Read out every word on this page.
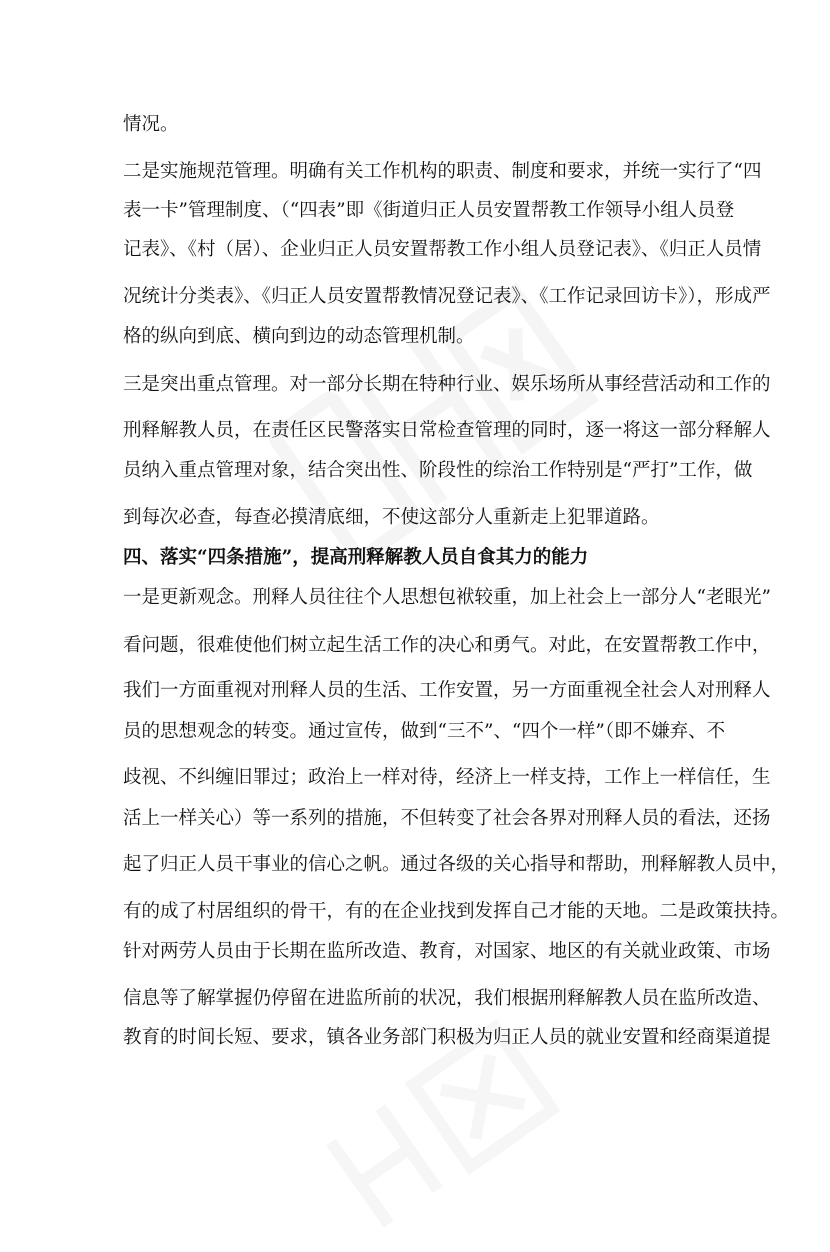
情况。
二是实施规范管理。明确有关工作机构的职责、制度和要求，并统一实行了“四
表一卡”管理制度、（“四表”即《街道归正人员安置帮教工作领导小组人员登
记表》、《村（居）、企业归正人员安置帮教工作小组人员登记表》、《归正人员情
况统计分类表》、《归正人员安置帮教情况登记表》、《工作记录回访卡》），形成严
格的纵向到底、横向到边的动态管理机制。
三是突出重点管理。对一部分长期在特种行业、娱乐场所从事经营活动和工作的
刑释解教人员，在责任区民警落实日常检查管理的同时，逐一将这一部分释解人
员纳入重点管理对象，结合突出性、阶段性的综治工作特别是“严打”工作，做
到每次必查，每查必摸清底细，不使这部分人重新走上犯罪道路。
四、落实“四条措施”，提高刑释解教人员自食其力的能力
一是更新观念。刑释人员往往个人思想包袱较重，加上社会上一部分人“老眼光”
看问题，很难使他们树立起生活工作的决心和勇气。对此，在安置帮教工作中，
我们一方面重视对刑释人员的生活、工作安置，另一方面重视全社会人对刑释人
员的思想观念的转变。通过宣传，做到“三不”、“四个一样”（即不嫌弃、不
歧视、不纠缠旧罪过；政治上一样对待，经济上一样支持，工作上一样信任，生
活上一样关心）等一系列的措施，不但转变了社会各界对刑释人员的看法，还扬
起了归正人员干事业的信心之帆。通过各级的关心指导和帮助，刑释解教人员中，
有的成了村居组织的骨干，有的在企业找到发挥自己才能的天地。二是政策扶持。
针对两劳人员由于长期在监所改造、教育，对国家、地区的有关就业政策、市场
信息等了解掌握仍停留在进监所前的状况，我们根据刑释解教人员在监所改造、
教育的时间长短、要求，镇各业务部门积极为归正人员的就业安置和经商渠道提
